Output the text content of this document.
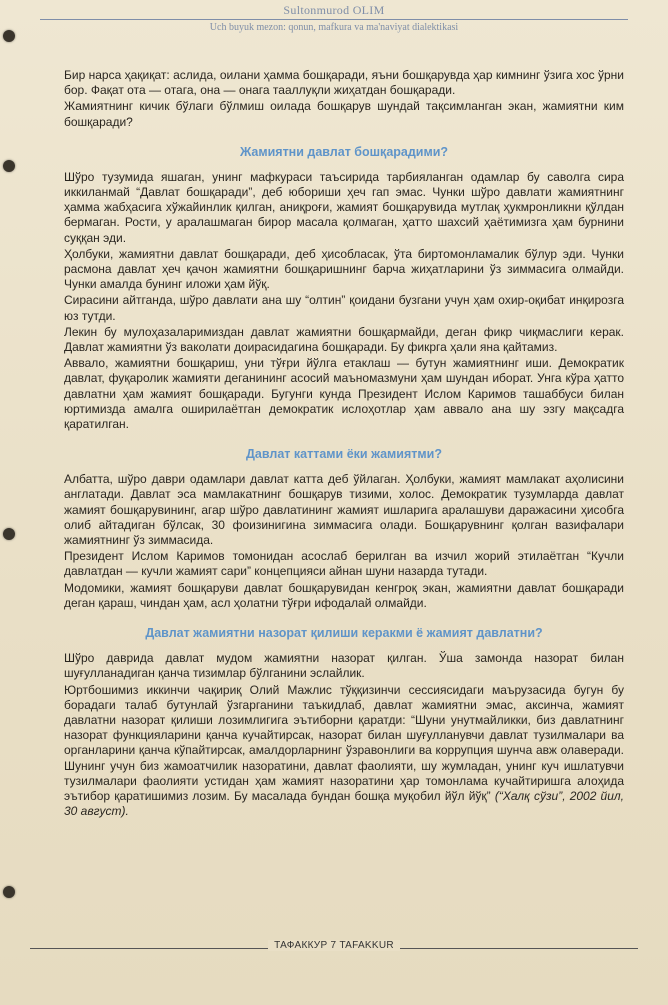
Sultonmurod OLIM
Uch buyuk mezon: qonun, mafkura va ma'naviyat dialektikasi

Бир нарса ҳақиқат: аслида, оилани ҳамма бошқаради, яъни бошқарувда ҳар кимнинг ўзига хос ўрни бор. Фақат ота — отага, она — онага тааллуқли жиҳатдан бошқаради.

Жамиятнинг кичик бўлаги бўлмиш оилада бошқарув шундай тақсимланган экан, жамиятни ким бошқаради?

Жамиятни давлат бошқарадими?

Шўро тузумида яшаган, унинг мафкураси таъсирида тарбияланган одамлар бу саволга сира иккиланмай “Давлат бошқаради”, деб юбориши ҳеч гап эмас. Чунки шўро давлати жамиятнинг ҳамма жабҳасига хўжайинлик қилган, аниқроғи, жамият бошқарувида мутлақ ҳукмронликни қўлдан бермаган. Рости, у аралашмаган бирор масала қолмаган, ҳатто шахсий ҳаётимизга ҳам бурнини суққан эди.

Ҳолбуки, жамиятни давлат бошқаради, деб ҳисобласак, ўта биртомонламалик бўлур эди. Чунки расмона давлат ҳеч қачон жамиятни бошқаришнинг барча жиҳатларини ўз зиммасига олмайди. Чунки амалда бунинг иложи ҳам йўқ.

Сирасини айтганда, шўро давлати ана шу “олтин” қоидани бузгани учун ҳам охир-оқибат инқирозга юз тутди.

Лекин бу мулоҳазаларимиздан давлат жамиятни бошқармайди, деган фикр чиқмаслиги керак. Давлат жамиятни ўз ваколати доирасидагина бошқаради. Бу фикрга ҳали яна қайтамиз.

Аввало, жамиятни бошқариш, уни тўғри йўлга етаклаш — бутун жамиятнинг иши. Демократик давлат, фуқаролик жамияти деганининг асосий маъномазмуни ҳам шундан иборат. Унга кўра ҳатто давлатни ҳам жамият бошқаради. Бугунги кунда Президент Ислом Каримов ташаббуси билан юртимизда амалга оширилаётган демократик ислоҳотлар ҳам аввало ана шу эзгу мақсадга қаратилган.

Давлат каттами ёки жамиятми?

Албатта, шўро даври одамлари давлат катта деб ўйлаган. Ҳолбуки, жамият мамлакат аҳолисини англатади. Давлат эса мамлакатнинг бошқарув тизими, холос. Демократик тузумларда давлат жамият бошқарувининг, агар шўро давлатининг жамият ишларига аралашуви даражасини ҳисобга олиб айтадиган бўлсак, 30 фоизинигина зиммасига олади. Бошқарувнинг қолган вазифалари жамиятнинг ўз зиммасида.

Президент Ислом Каримов томонидан асослаб берилган ва изчил жорий этилаётган “Кучли давлатдан — кучли жамият сари” концепцияси айнан шуни назарда тутади.

Модомики, жамият бошқаруви давлат бошқарувидан кенгроқ экан, жамиятни давлат бошқаради деган қараш, чиндан ҳам, асл ҳолатни тўғри ифодалай олмайди.

Давлат жамиятни назорат қилиши керакми ё жамият давлатни?

Шўро даврида давлат мудом жамиятни назорат қилган. Ўша замонда назорат билан шуғулланадиган қанча тизимлар бўлганини эслайлик.

Юртбошимиз иккинчи чақириқ Олий Мажлис тўққизинчи сессиясидаги маърузасида бугун бу борадаги талаб бутунлай ўзгарганини таъкидлаб, давлат жамиятни эмас, аксинча, жамият давлатни назорат қилиши лозимлигига эътиборни қаратди: “Шуни унутмайликки, биз давлатнинг назорат функцияларини қанча кучайтирсак, назорат билан шуғулланувчи давлат тузилмалари ва органларини қанча кўпайтирсак, амалдорларнинг ўзравонлиги ва коррупция шунча авж олаверади. Шунинг учун биз жамоатчилик назоратини, давлат фаолияти, шу жумладан, унинг куч ишлатувчи тузилмалари фаолияти устидан ҳам жамият назоратини ҳар томонлама кучайтиришга алоҳида эътибор қаратишимиз лозим. Бу масалада бундан бошқа муқобил йўл йўқ” (“Халқ сўзи”, 2002 йил, 30 август).

ТАФАККУР 7 TAFAKKUR
